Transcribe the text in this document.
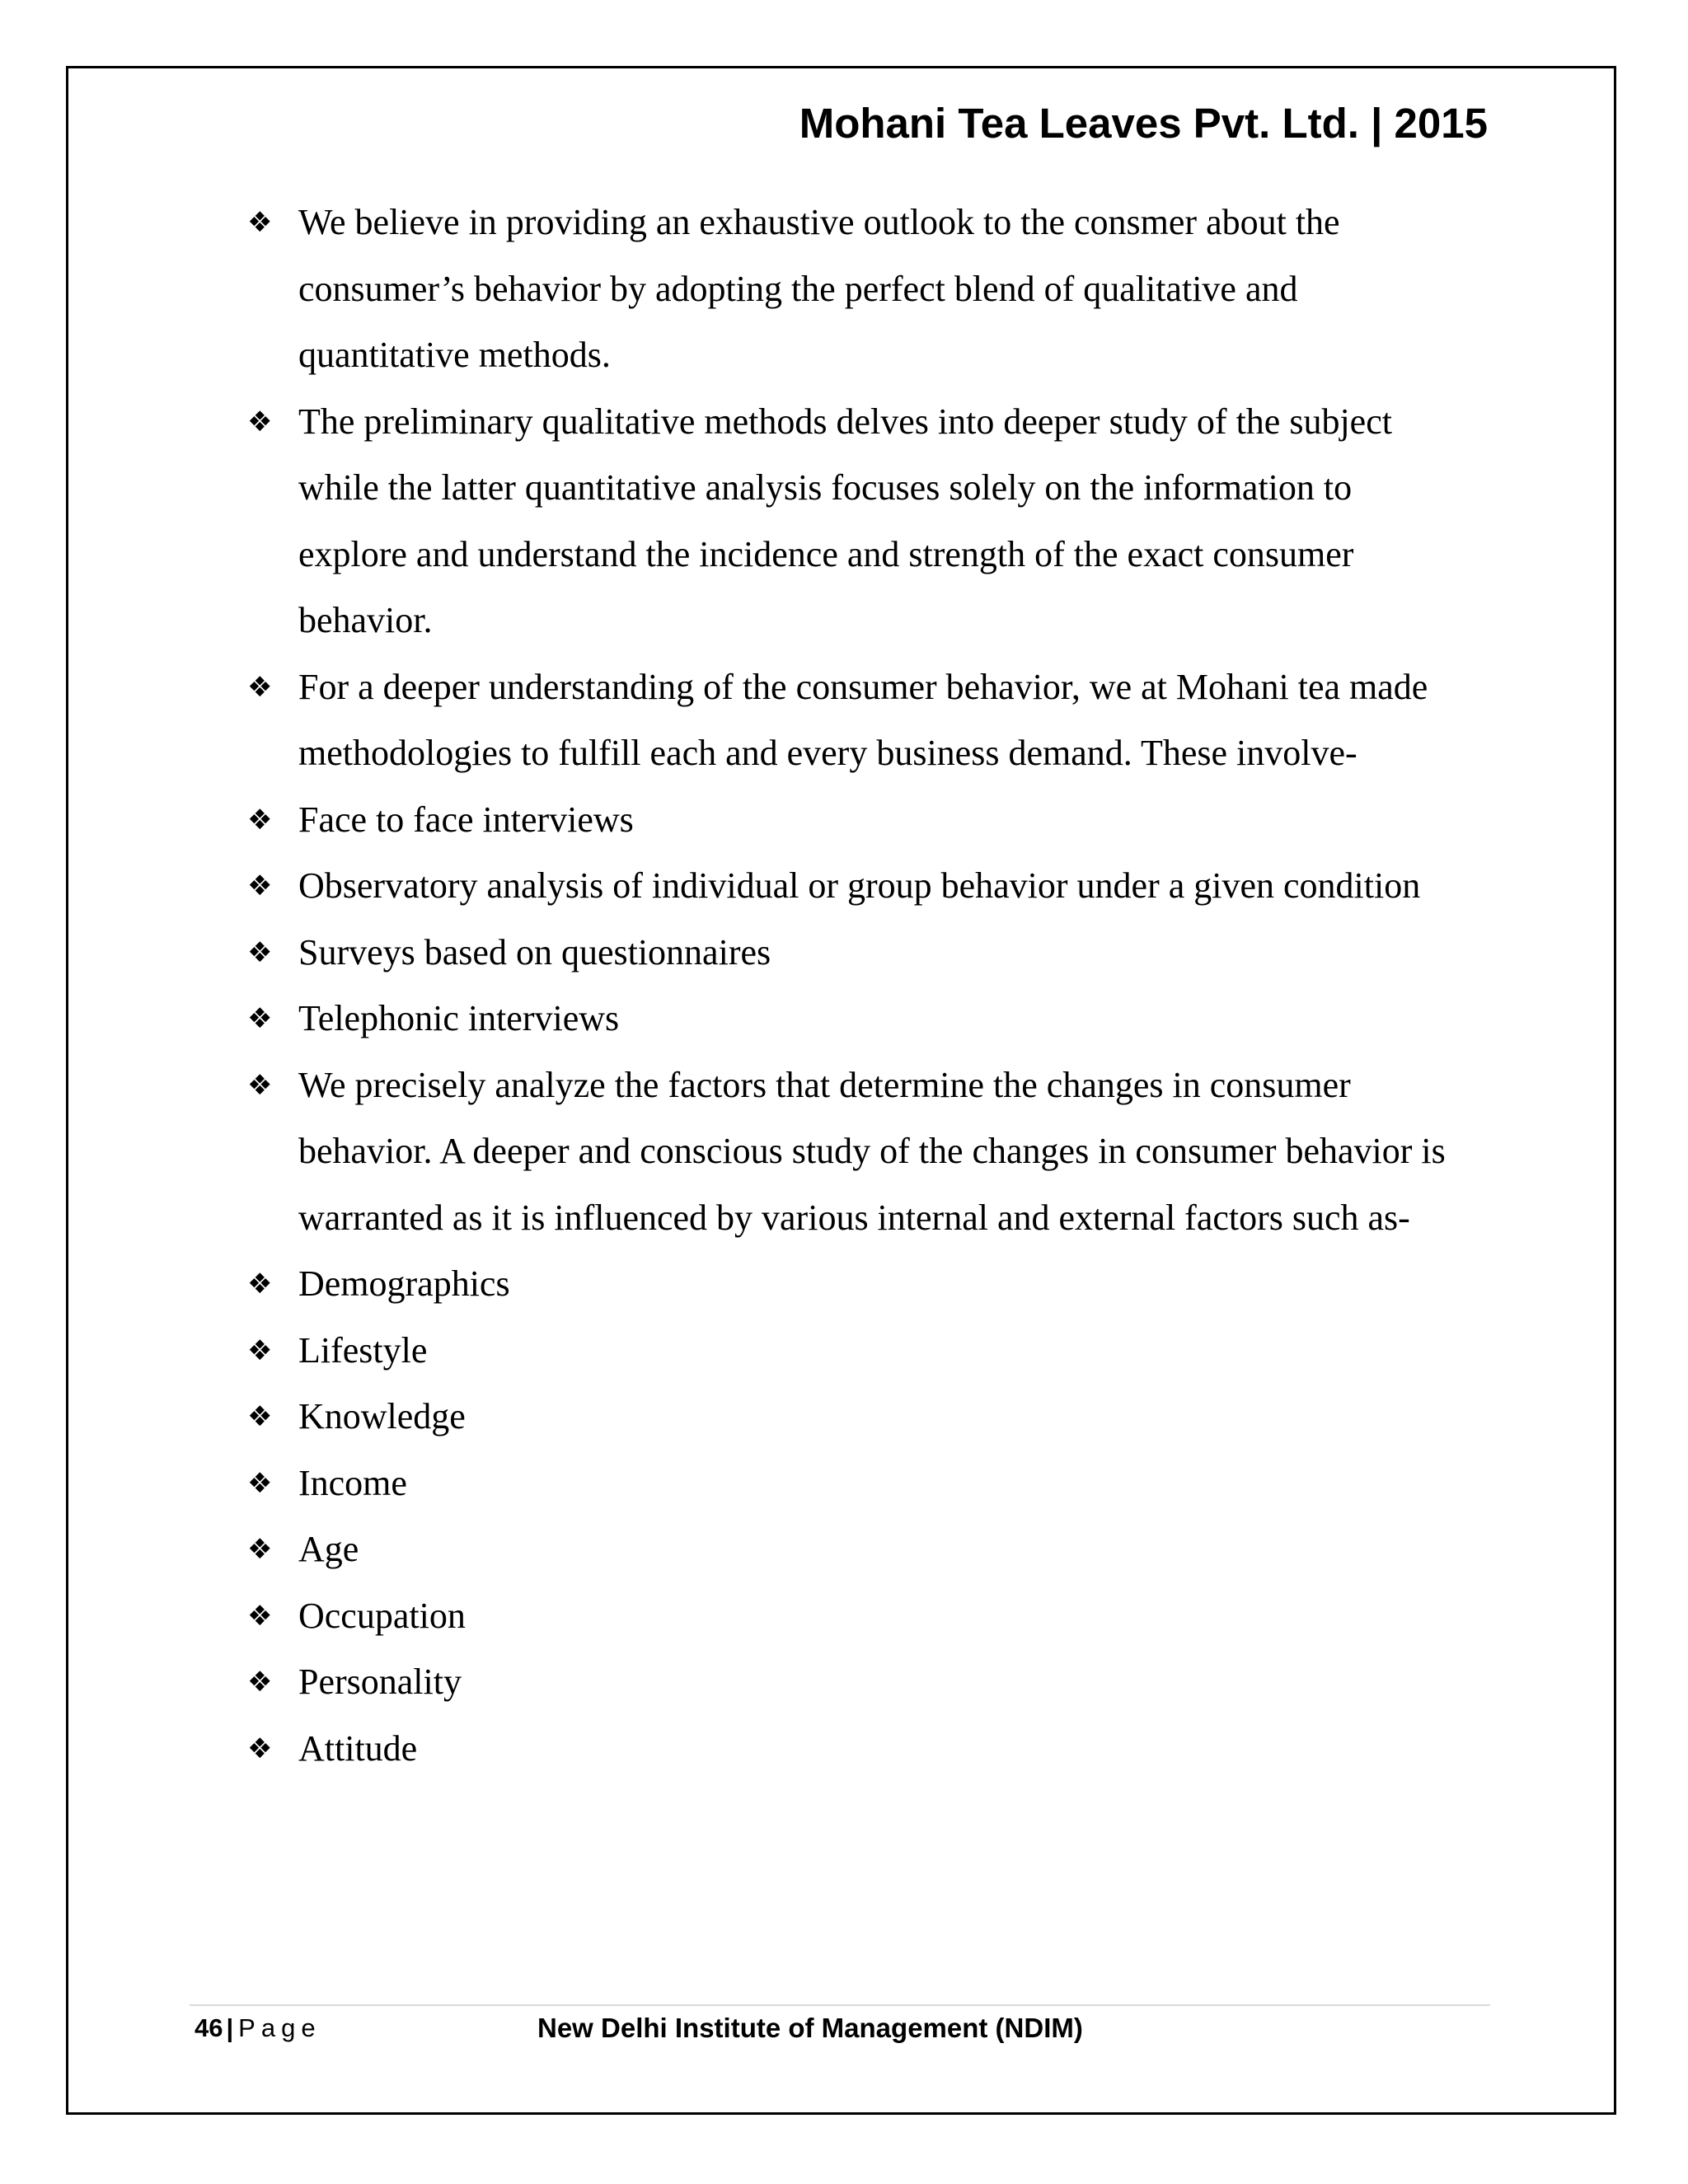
Mohani Tea Leaves Pvt. Ltd. | 2015
❖ We believe in providing an exhaustive outlook to the consmer about the consumer’s behavior by adopting the perfect blend of qualitative and quantitative methods.
❖ The preliminary qualitative methods delves into deeper study of the subject while the latter quantitative analysis focuses solely on the information to explore and understand the incidence and strength of the exact consumer behavior.
❖ For a deeper understanding of the consumer behavior, we at Mohani tea made methodologies to fulfill each and every business demand. These involve-
❖ Face to face interviews
❖ Observatory analysis of individual or group behavior under a given condition
❖ Surveys based on questionnaires
❖ Telephonic interviews
❖ We precisely analyze the factors that determine the changes in consumer behavior. A deeper and conscious study of the changes in consumer behavior is warranted as it is influenced by various internal and external factors such as-
❖ Demographics
❖ Lifestyle
❖ Knowledge
❖ Income
❖ Age
❖ Occupation
❖ Personality
❖ Attitude
46 | Page	New Delhi Institute of Management (NDIM)
